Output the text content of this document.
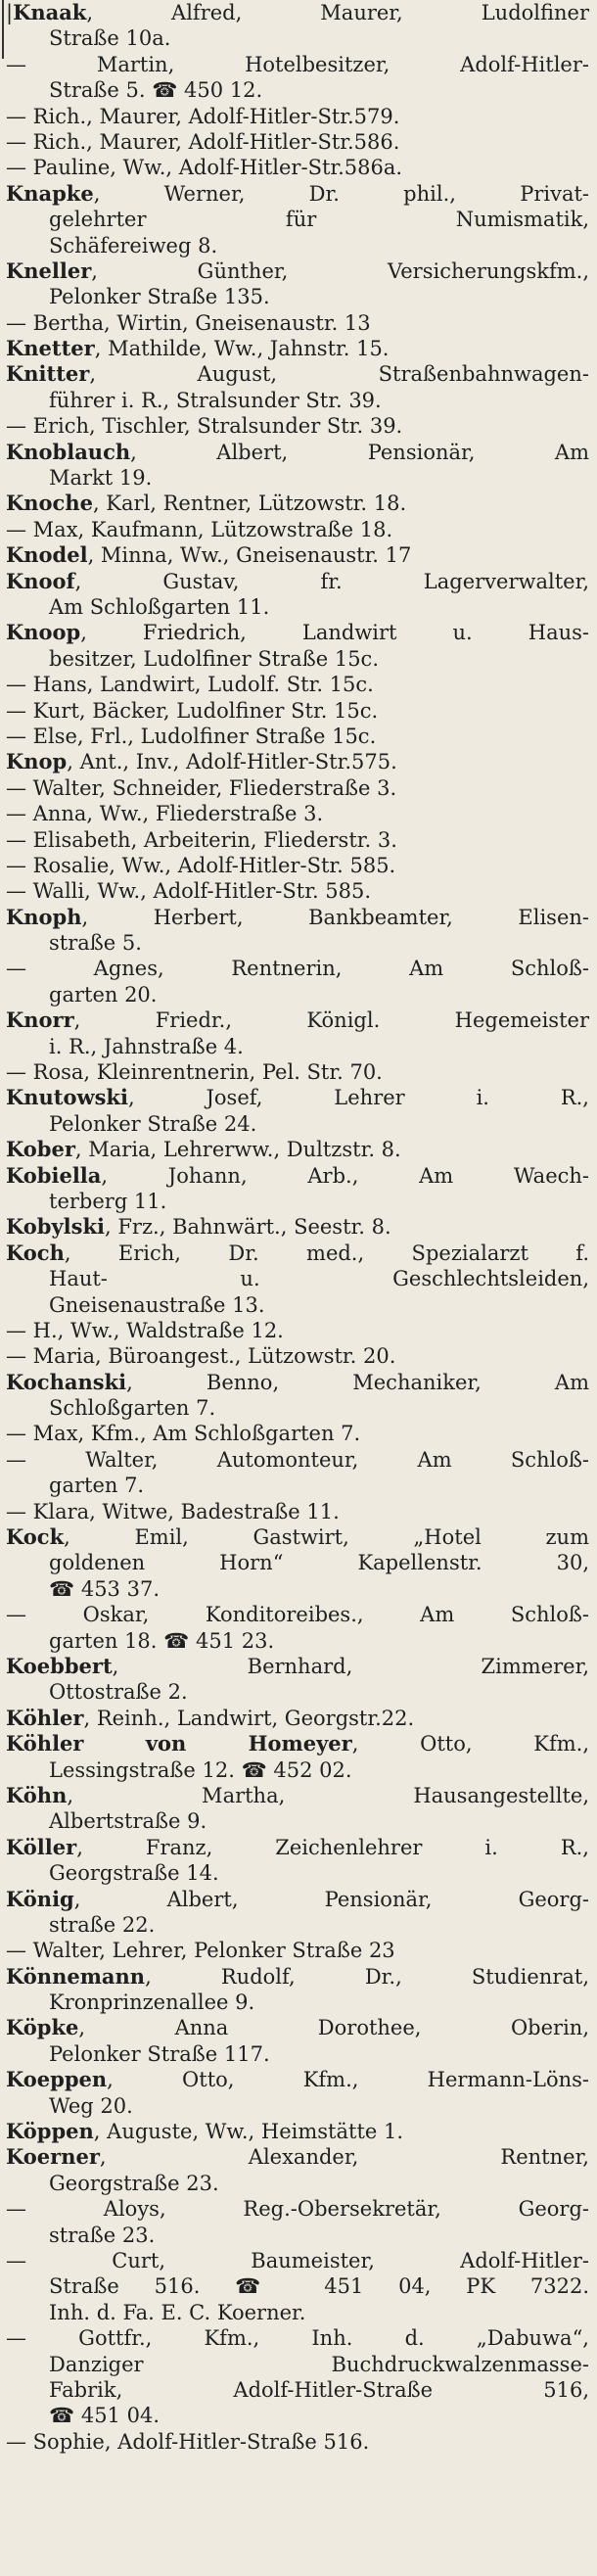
|Knaak, Alfred, Maurer, Ludolfiner
Straße 10a.
— Martin, Hotelbesitzer, Adolf-Hitler-
Straße 5. ☎ 450 12.
— Rich., Maurer, Adolf-Hitler-Str.579.
— Rich., Maurer, Adolf-Hitler-Str.586.
— Pauline, Ww., Adolf-Hitler-Str.586a.
Knapke, Werner, Dr. phil., Privat-
gelehrter für Numismatik,
Schäfereiweg 8.
Kneller, Günther, Versicherungskfm.,
Pelonker Straße 135.
— Bertha, Wirtin, Gneisenaustr. 13
Knetter, Mathilde, Ww., Jahnstr. 15.
Knitter, August, Straßenbahnwagen-
führer i. R., Stralsunder Str. 39.
— Erich, Tischler, Stralsunder Str. 39.
Knoblauch, Albert, Pensionär, Am
Markt 19.
Knoche, Karl, Rentner, Lützowstr. 18.
— Max, Kaufmann, Lützowstraße 18.
Knodel, Minna, Ww., Gneisenaustr. 17
Knoof, Gustav, fr. Lagerverwalter,
Am Schloßgarten 11.
Knoop, Friedrich, Landwirt u. Haus-
besitzer, Ludolfiner Straße 15c.
— Hans, Landwirt, Ludolf. Str. 15c.
— Kurt, Bäcker, Ludolfiner Str. 15c.
— Else, Frl., Ludolfiner Straße 15c.
Knop, Ant., Inv., Adolf-Hitler-Str.575.
— Walter, Schneider, Fliederstraße 3.
— Anna, Ww., Fliederstraße 3.
— Elisabeth, Arbeiterin, Fliederstr. 3.
— Rosalie, Ww., Adolf-Hitler-Str. 585.
— Walli, Ww., Adolf-Hitler-Str. 585.
Knoph, Herbert, Bankbeamter, Elisen-
straße 5.
— Agnes, Rentnerin, Am Schloß-
garten 20.
Knorr, Friedr., Königl. Hegemeister
i. R., Jahnstraße 4.
— Rosa, Kleinrentnerin, Pel. Str. 70.
Knutowski, Josef, Lehrer i. R.,
Pelonker Straße 24.
Kober, Maria, Lehrerww., Dultzstr. 8.
Kobiella, Johann, Arb., Am Waech-
terberg 11.
Kobylski, Frz., Bahnwärt., Seestr. 8.
Koch, Erich, Dr. med., Spezialarzt f.
Haut- u. Geschlechtsleiden,
Gneisenaustraße 13.
— H., Ww., Waldstraße 12.
— Maria, Büroangest., Lützowstr. 20.
Kochanski, Benno, Mechaniker, Am
Schloßgarten 7.
— Max, Kfm., Am Schloßgarten 7.
— Walter, Automonteur, Am Schloß-
garten 7.
— Klara, Witwe, Badestraße 11.
Kock, Emil, Gastwirt, „Hotel zum
goldenen Horn“ Kapellenstr. 30,
☎ 453 37.
— Oskar, Konditoreibes., Am Schloß-
garten 18. ☎ 451 23.
Koebbert, Bernhard, Zimmerer,
Ottostraße 2.
Köhler, Reinh., Landwirt, Georgstr.22.
Köhler von Homeyer, Otto, Kfm.,
Lessingstraße 12. ☎ 452 02.
Köhn, Martha, Hausangestellte,
Albertstraße 9.
Köller, Franz, Zeichenlehrer i. R.,
Georgstraße 14.
König, Albert, Pensionär, Georg-
straße 22.
— Walter, Lehrer, Pelonker Straße 23
Könnemann, Rudolf, Dr., Studienrat,
Kronprinzenallee 9.
Köpke, Anna Dorothee, Oberin,
Pelonker Straße 117.
Koeppen, Otto, Kfm., Hermann-Löns-
Weg 20.
Köppen, Auguste, Ww., Heimstätte 1.
Koerner, Alexander, Rentner,
Georgstraße 23.
— Aloys, Reg.-Obersekretär, Georg-
straße 23.
— Curt, Baumeister, Adolf-Hitler-
Straße 516. ☎ 451 04, PK 7322.
Inh. d. Fa. E. C. Koerner.
— Gottfr., Kfm., Inh. d. „Dabuwa“,
Danziger Buchdruckwalzenmasse-
Fabrik, Adolf-Hitler-Straße 516,
☎ 451 04.
— Sophie, Adolf-Hitler-Straße 516.
